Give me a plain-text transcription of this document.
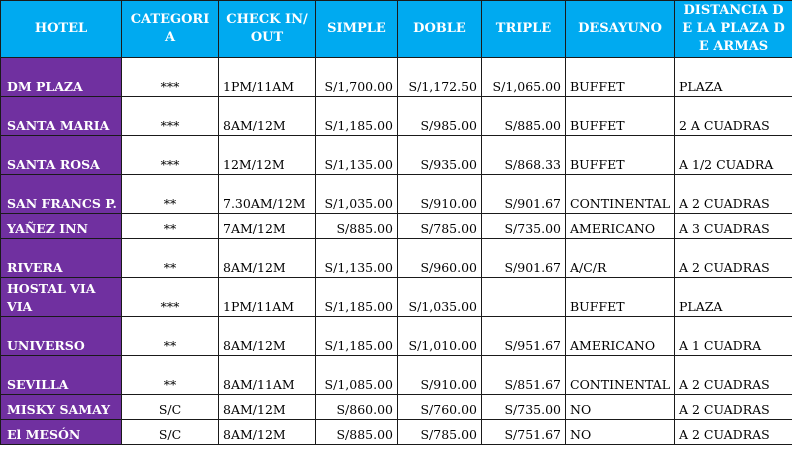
HOTEL	CATEGORIA	CHECK IN/OUT	SIMPLE	DOBLE	TRIPLE	DESAYUNO	DISTANCIA DE LA PLAZA DE ARMAS
DM PLAZA	***	1PM/11AM	S/1,700.00	S/1,172.50	S/1,065.00	BUFFET	PLAZA
SANTA MARIA	***	8AM/12M	S/1,185.00	S/985.00	S/885.00	BUFFET	2 A CUADRAS
SANTA ROSA	***	12M/12M	S/1,135.00	S/935.00	S/868.33	BUFFET	A 1/2 CUADRA
SAN FRANCS P.	**	7.30AM/12M	S/1,035.00	S/910.00	S/901.67	CONTINENTAL	A 2 CUADRAS
YAÑEZ INN	**	7AM/12M	S/885.00	S/785.00	S/735.00	AMERICANO	A 3 CUADRAS
RIVERA	**	8AM/12M	S/1,135.00	S/960.00	S/901.67	A/C/R	A 2 CUADRAS
HOSTAL VIA VIA	***	1PM/11AM	S/1,185.00	S/1,035.00		BUFFET	PLAZA
UNIVERSO	**	8AM/12M	S/1,185.00	S/1,010.00	S/951.67	AMERICANO	A 1 CUADRA
SEVILLA	**	8AM/11AM	S/1,085.00	S/910.00	S/851.67	CONTINENTAL	A 2 CUADRAS
MISKY SAMAY	S/C	8AM/12M	S/860.00	S/760.00	S/735.00	NO	A 2 CUADRAS
El MESÓN	S/C	8AM/12M	S/885.00	S/785.00	S/751.67	NO	A 2 CUADRAS
